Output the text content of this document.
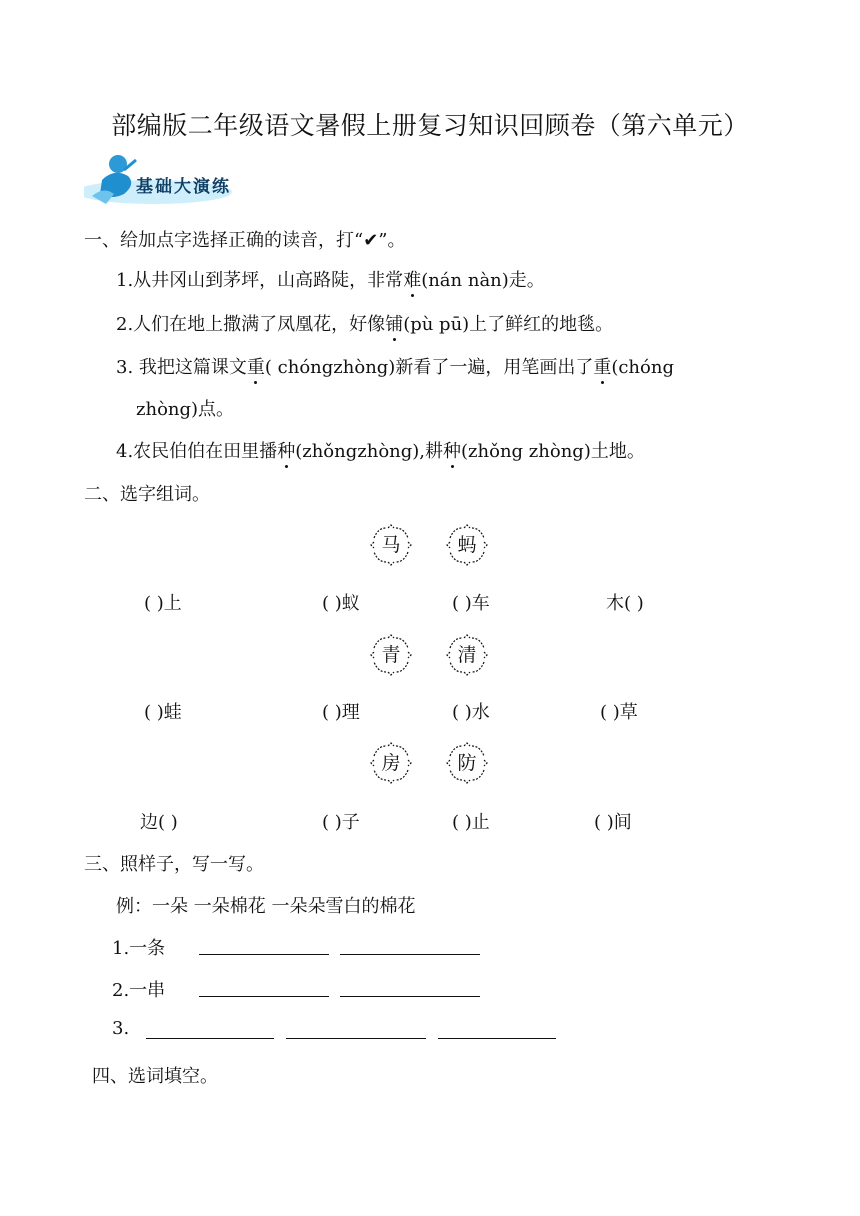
部编版二年级语文暑假上册复习知识回顾卷（第六单元）
基础大演练
一、给加点字选择正确的读音，打“✔”。
1.从井冈山到茅坪，山高路陡，非常难(nán nàn)走。
2.人们在地上撒满了凤凰花，好像铺(pù pū)上了鲜红的地毯。
3. 我把这篇课文重( chóngzhòng)新看了一遍，用笔画出了重(chóng
zhòng)点。
4.农民伯伯在田里播种(zhǒngzhòng),耕种(zhǒng zhòng)土地。
二、选字组词。
马	蚂
( )上	( )蚁	( )车	木( )
青	清
( )蛙	( )理	( )水	( )草
房	防
边( )	( )子	( )止	( )间
三、照样子，写一写。
例：一朵 一朵棉花 一朵朵雪白的棉花
1.一条
2.一串
3.
四、选词填空。
